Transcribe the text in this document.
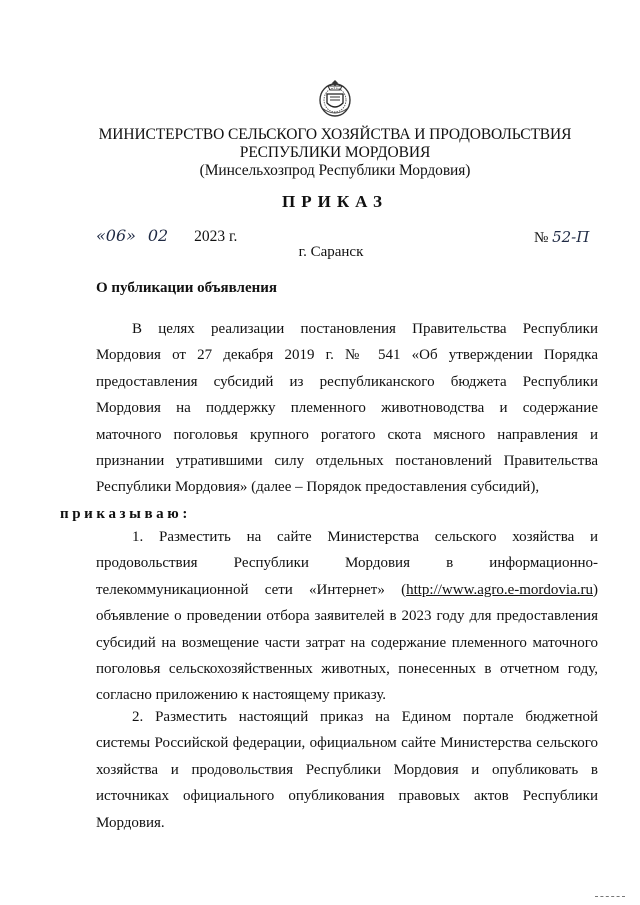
МИНИСТЕРСТВО СЕЛЬСКОГО ХОЗЯЙСТВА И ПРОДОВОЛЬСТВИЯ
РЕСПУБЛИКИ МОРДОВИЯ
(Минсельхозпрод Республики Мордовия)
ПРИКАЗ
«06» 02 2023 г.	№ 52-П
г. Саранск
О публикации объявления
В целях реализации постановления Правительства Республики Мордовия от 27 декабря 2019 г. № 541 «Об утверждении Порядка предоставления субсидий из республиканского бюджета Республики Мордовия на поддержку племенного животноводства и содержание маточного поголовья крупного рогатого скота мясного направления и признании утратившими силу отдельных постановлений Правительства Республики Мордовия» (далее – Порядок предоставления субсидий),
приказываю:
1. Разместить на сайте Министерства сельского хозяйства и продовольствия Республики Мордовия в информационно-телекоммуникационной сети «Интернет» (http://www.agro.e-mordovia.ru) объявление о проведении отбора заявителей в 2023 году для предоставления субсидий на возмещение части затрат на содержание племенного маточного поголовья сельскохозяйственных животных, понесенных в отчетном году, согласно приложению к настоящему приказу.
2. Разместить настоящий приказ на Едином портале бюджетной системы Российской федерации, официальном сайте Министерства сельского хозяйства и продовольствия Республики Мордовия и опубликовать в источниках официального опубликования правовых актов Республики Мордовия.
